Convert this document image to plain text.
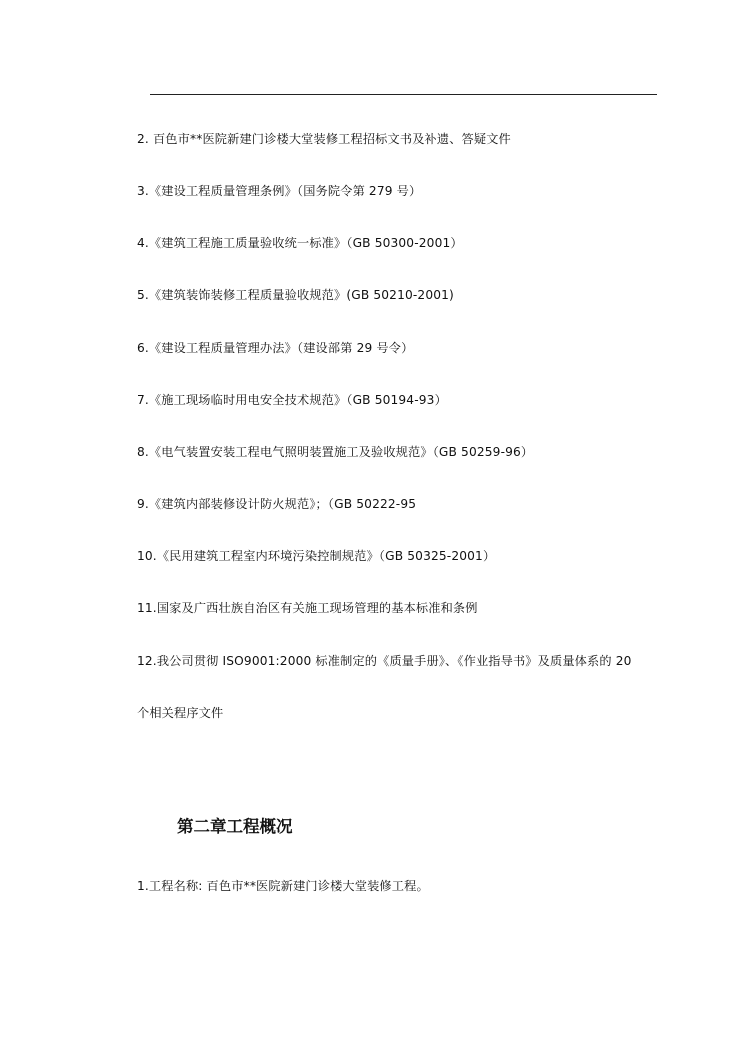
2. 百色市**医院新建门诊楼大堂装修工程招标文书及补遗、答疑文件
3.《建设工程质量管理条例》（国务院令第 279 号）
4.《建筑工程施工质量验收统一标准》（GB 50300-2001）
5.《建筑装饰装修工程质量验收规范》(GB 50210-2001)
6.《建设工程质量管理办法》（建设部第 29 号令）
7.《施工现场临时用电安全技术规范》（GB 50194-93）
8.《电气装置安装工程电气照明装置施工及验收规范》（GB 50259-96）
9.《建筑内部装修设计防火规范》；（GB 50222-95
10.《民用建筑工程室内环境污染控制规范》（GB 50325-2001）
11.国家及广西壮族自治区有关施工现场管理的基本标准和条例
12.我公司贯彻 ISO9001:2000 标准制定的《质量手册》、《作业指导书》及质量体系的 20
个相关程序文件
第二章工程概况
1.工程名称: 百色市**医院新建门诊楼大堂装修工程。
